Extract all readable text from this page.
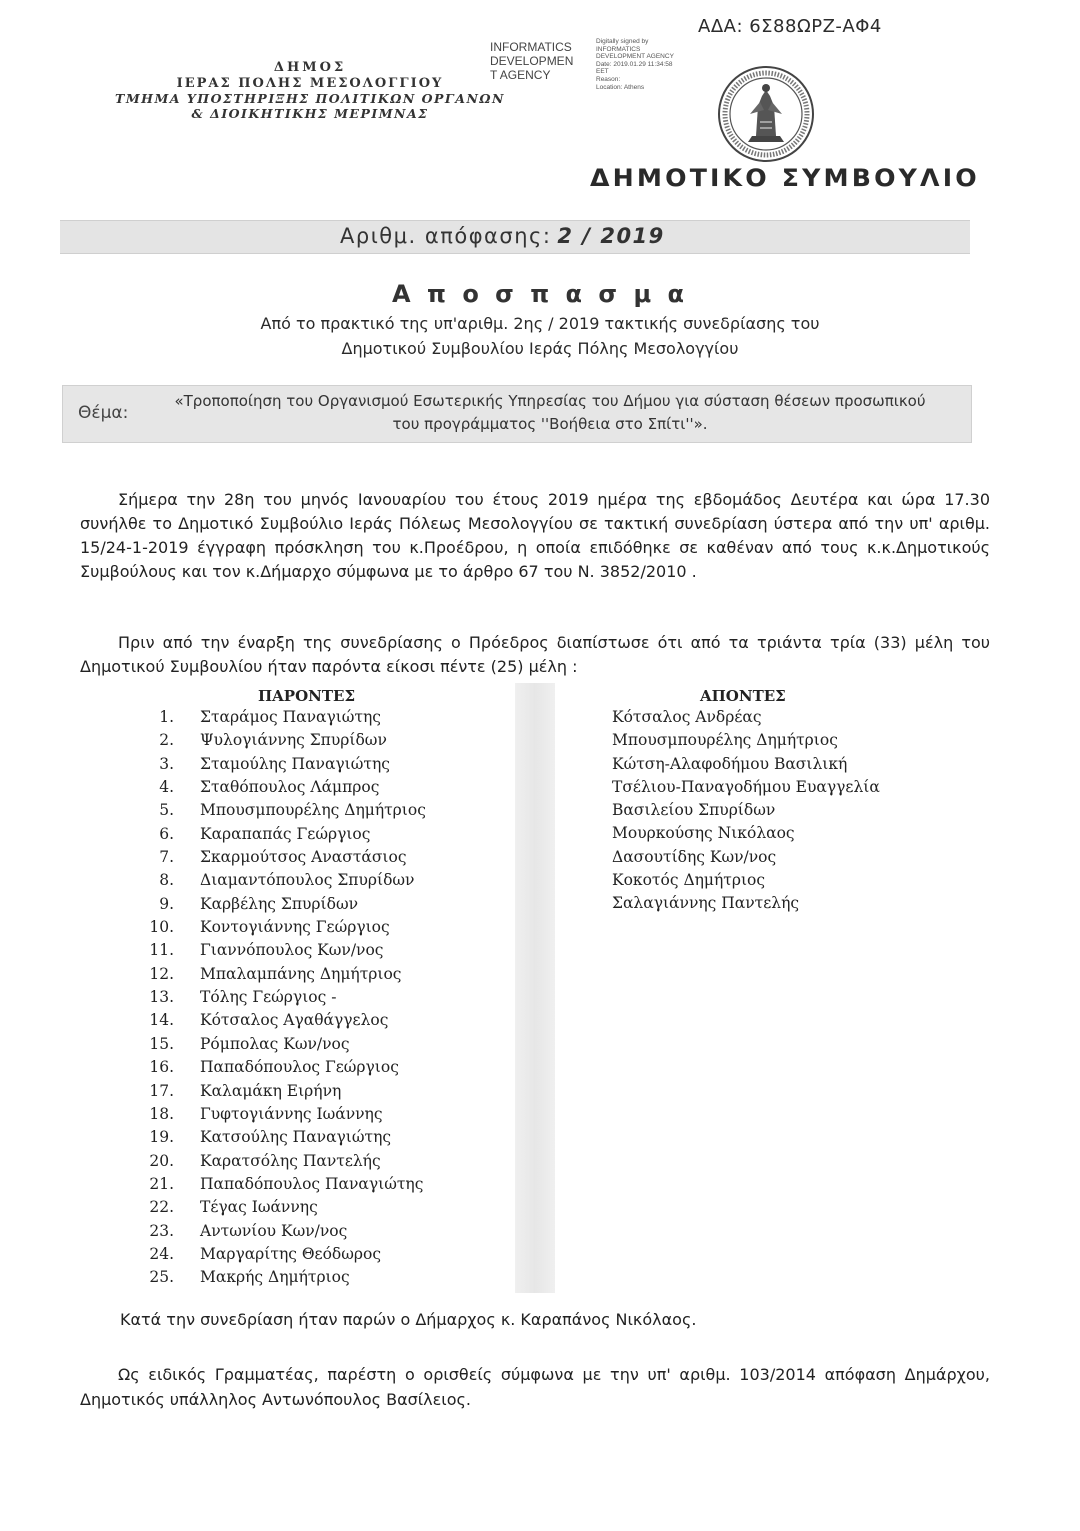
ΑΔΑ: 6Σ88ΩΡΖ-ΑΦ4
ΔΗΜΟΣ
ΙΕΡΑΣ ΠΟΛΗΣ ΜΕΣΟΛΟΓΓΙΟΥ
ΤΜΗΜΑ ΥΠΟΣΤΗΡΙΞΗΣ ΠΟΛΙΤΙΚΩΝ ΟΡΓΑΝΩΝ
& ΔΙΟΙΚΗΤΙΚΗΣ ΜΕΡΙΜΝΑΣ
INFORMATICS
DEVELOPMEN
T AGENCY
Digitally signed by
INFORMATICS
DEVELOPMENT AGENCY
Date: 2019.01.29 11:34:58
EET
Reason:
Location: Athens
ΔΗΜΟΤΙΚΟ ΣΥΜΒΟΥΛΙΟ
Αριθμ. απόφασης: 2 / 2019
Α π ο σ π α σ μ α
Από το πρακτικό της υπ'αριθμ. 2ης / 2019 τακτικής συνεδρίασης του
Δημοτικού Συμβουλίου Ιεράς Πόλης Μεσολογγίου
Θέμα:
«Τροποποίηση του Οργανισμού Εσωτερικής Υπηρεσίας του Δήμου για σύσταση θέσεων προσωπικού του προγράμματος ''Βοήθεια στο Σπίτι''».
Σήμερα την 28η του μηνός Ιανουαρίου του έτους 2019 ημέρα της εβδομάδος Δευτέρα και ώρα 17.30 συνήλθε το Δημοτικό Συμβούλιο Ιεράς Πόλεως Μεσολογγίου σε τακτική συνεδρίαση ύστερα από την υπ' αριθμ. 15/24-1-2019 έγγραφη πρόσκληση του κ.Προέδρου, η οποία επιδόθηκε σε καθέναν από τους κ.κ.Δημοτικούς Συμβούλους και τον κ.Δήμαρχο σύμφωνα με το άρθρο 67 του Ν. 3852/2010 .
Πριν από την έναρξη της συνεδρίασης ο Πρόεδρος διαπίστωσε ότι από τα τριάντα τρία (33) μέλη του Δημοτικού Συμβουλίου ήταν παρόντα είκοσι πέντε (25) μέλη :
ΠΑΡΟΝΤΕΣ	ΑΠΟΝΤΕΣ
1. Σταράμος Παναγιώτης
2. Ψυλογιάννης Σπυρίδων
3. Σταμούλης Παναγιώτης
4. Σταθόπουλος Λάμπρος
5. Μπουσμπουρέλης Δημήτριος
6. Καραπαπάς Γεώργιος
7. Σκαρμούτσος Αναστάσιος
8. Διαμαντόπουλος Σπυρίδων
9. Καρβέλης Σπυρίδων
10. Κοντογιάννης Γεώργιος
11. Γιαννόπουλος Κων/νος
12. Μπαλαμπάνης Δημήτριος
13. Τόλης Γεώργιος -
14. Κότσαλος Αγαθάγγελος
15. Ρόμπολας Κων/νος
16. Παπαδόπουλος Γεώργιος
17. Καλαμάκη Ειρήνη
18. Γυφτογιάννης Ιωάννης
19. Κατσούλης Παναγιώτης
20. Καρατσόλης Παντελής
21. Παπαδόπουλος Παναγιώτης
22. Τέγας Ιωάννης
23. Αντωνίου Κων/νος
24. Μαργαρίτης Θεόδωρος
25. Μακρής Δημήτριος
Κότσαλος Ανδρέας
Μπουσμπουρέλης Δημήτριος
Κώτση-Αλαφοδήμου Βασιλική
Τσέλιου-Παναγοδήμου Ευαγγελία
Βασιλείου Σπυρίδων
Μουρκούσης Νικόλαος
Δασουτίδης Κων/νος
Κοκοτός Δημήτριος
Σαλαγιάννης Παντελής
Κατά την συνεδρίαση ήταν παρών ο Δήμαρχος κ. Καραπάνος Νικόλαος.
Ως ειδικός Γραμματέας, παρέστη ο ορισθείς σύμφωνα με την υπ' αριθμ. 103/2014 απόφαση Δημάρχου, Δημοτικός υπάλληλος Αντωνόπουλος Βασίλειος.
